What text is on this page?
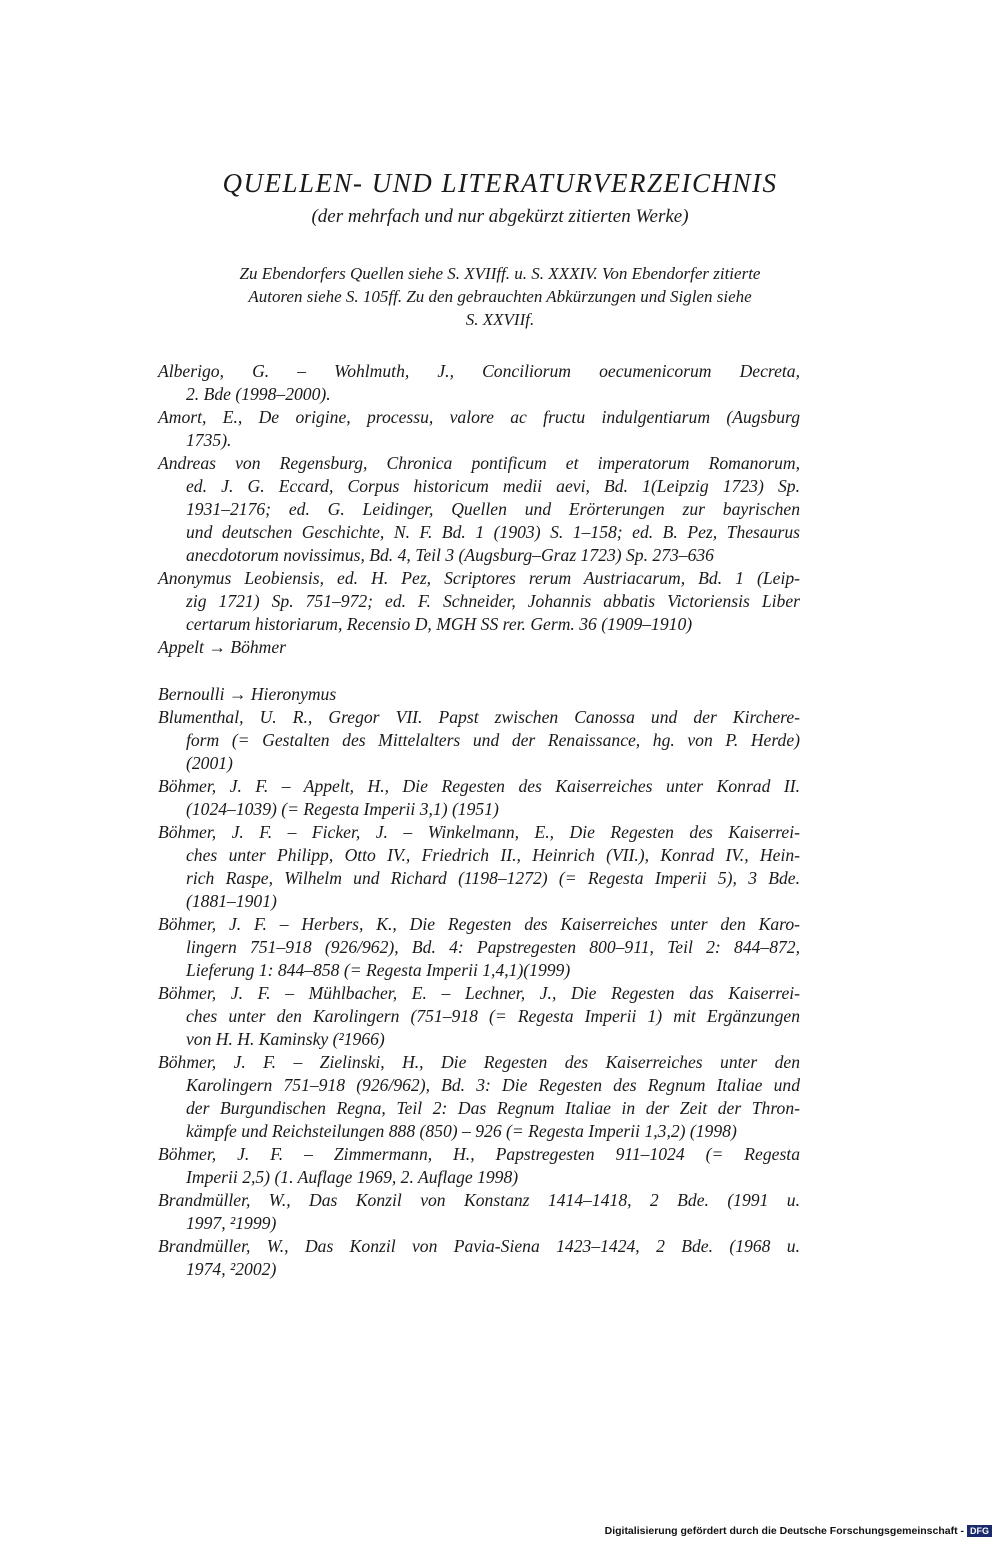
QUELLEN- UND LITERATURVERZEICHNIS
(der mehrfach und nur abgekürzt zitierten Werke)
Zu Ebendorfers Quellen siehe S. XVIIff. u. S. XXXIV. Von Ebendorfer zitierte
Autoren siehe S. 105ff. Zu den gebrauchten Abkürzungen und Siglen siehe
S. XXVIIf.
Alberigo, G. – Wohlmuth, J., Conciliorum oecumenicorum Decreta,
2. Bde (1998–2000).
Amort, E., De origine, processu, valore ac fructu indulgentiarum (Augsburg
1735).
Andreas von Regensburg, Chronica pontificum et imperatorum Romanorum,
ed. J. G. Eccard, Corpus historicum medii aevi, Bd. 1(Leipzig 1723) Sp.
1931–2176; ed. G. Leidinger, Quellen und Erörterungen zur bayrischen
und deutschen Geschichte, N. F. Bd. 1 (1903) S. 1–158; ed. B. Pez, Thesaurus
anecdotorum novissimus, Bd. 4, Teil 3 (Augsburg–Graz 1723) Sp. 273–636
Anonymus Leobiensis, ed. H. Pez, Scriptores rerum Austriacarum, Bd. 1 (Leip-
zig 1721) Sp. 751–972; ed. F. Schneider, Johannis abbatis Victoriensis Liber
certarum historiarum, Recensio D, MGH SS rer. Germ. 36 (1909–1910)
Appelt → Böhmer
Bernoulli → Hieronymus
Blumenthal, U. R., Gregor VII. Papst zwischen Canossa und der Kirchere-
form (= Gestalten des Mittelalters und der Renaissance, hg. von P. Herde)
(2001)
Böhmer, J. F. – Appelt, H., Die Regesten des Kaiserreiches unter Konrad II.
(1024–1039) (= Regesta Imperii 3,1) (1951)
Böhmer, J. F. – Ficker, J. – Winkelmann, E., Die Regesten des Kaiserrei-
ches unter Philipp, Otto IV., Friedrich II., Heinrich (VII.), Konrad IV., Hein-
rich Raspe, Wilhelm und Richard (1198–1272) (= Regesta Imperii 5), 3 Bde.
(1881–1901)
Böhmer, J. F. – Herbers, K., Die Regesten des Kaiserreiches unter den Karo-
lingern 751–918 (926/962), Bd. 4: Papstregesten 800–911, Teil 2: 844–872,
Lieferung 1: 844–858 (= Regesta Imperii 1,4,1)(1999)
Böhmer, J. F. – Mühlbacher, E. – Lechner, J., Die Regesten das Kaiserrei-
ches unter den Karolingern (751–918 (= Regesta Imperii 1) mit Ergänzungen
von H. H. Kaminsky (²1966)
Böhmer, J. F. – Zielinski, H., Die Regesten des Kaiserreiches unter den
Karolingern 751–918 (926/962), Bd. 3: Die Regesten des Regnum Italiae und
der Burgundischen Regna, Teil 2: Das Regnum Italiae in der Zeit der Thron-
kämpfe und Reichsteilungen 888 (850) – 926 (= Regesta Imperii 1,3,2) (1998)
Böhmer, J. F. – Zimmermann, H., Papstregesten 911–1024 (= Regesta
Imperii 2,5) (1. Auflage 1969, 2. Auflage 1998)
Brandmüller, W., Das Konzil von Konstanz 1414–1418, 2 Bde. (1991 u.
1997, ²1999)
Brandmüller, W., Das Konzil von Pavia-Siena 1423–1424, 2 Bde. (1968 u.
1974, ²2002)
Digitalisierung gefördert durch die Deutsche Forschungsgemeinschaft - DFG
